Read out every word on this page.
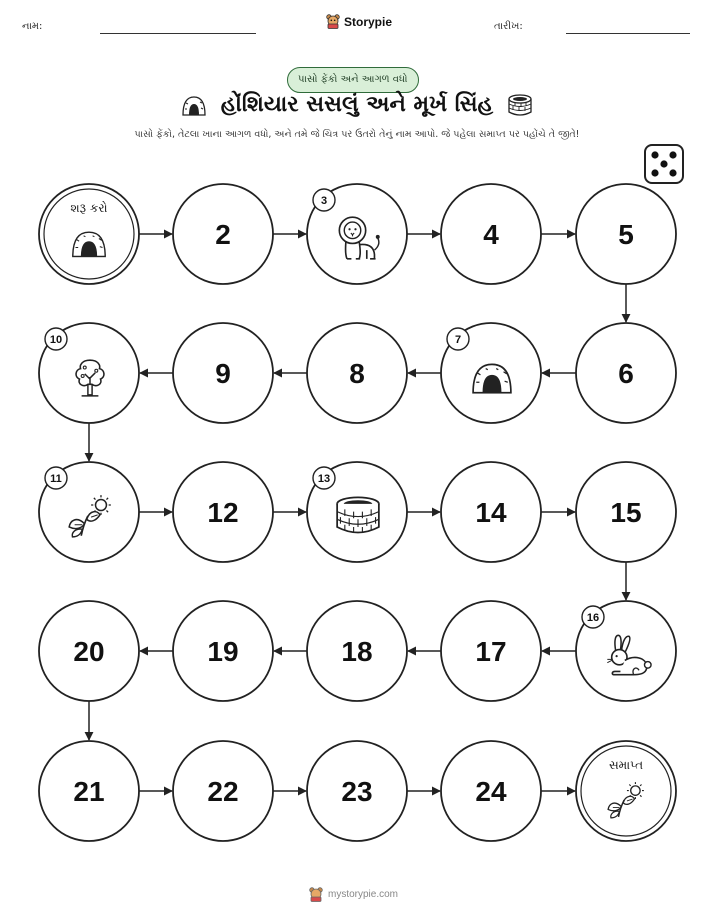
નામ:	Storypie	તારીખ:
પાસો ફેંકો અને આગળ વધો
હોંશિયાર સસલું અને મૂર્ખ સિંહ
પાસો ફેંકો, તેટલા ખાના આગળ વધો, અને તમે જે ચિત્ર પર ઉતરો તેનું નામ આપો. જે પહેલા સમાપ્ત પર પહોંચે તે જીતે!
શરૂ કરો
2
3
4	5
6
7
8
9
10
11
12
13
14	15
16
17
18
19
20
21	22	23	24
સમાપ્ત
mystorypie.com
